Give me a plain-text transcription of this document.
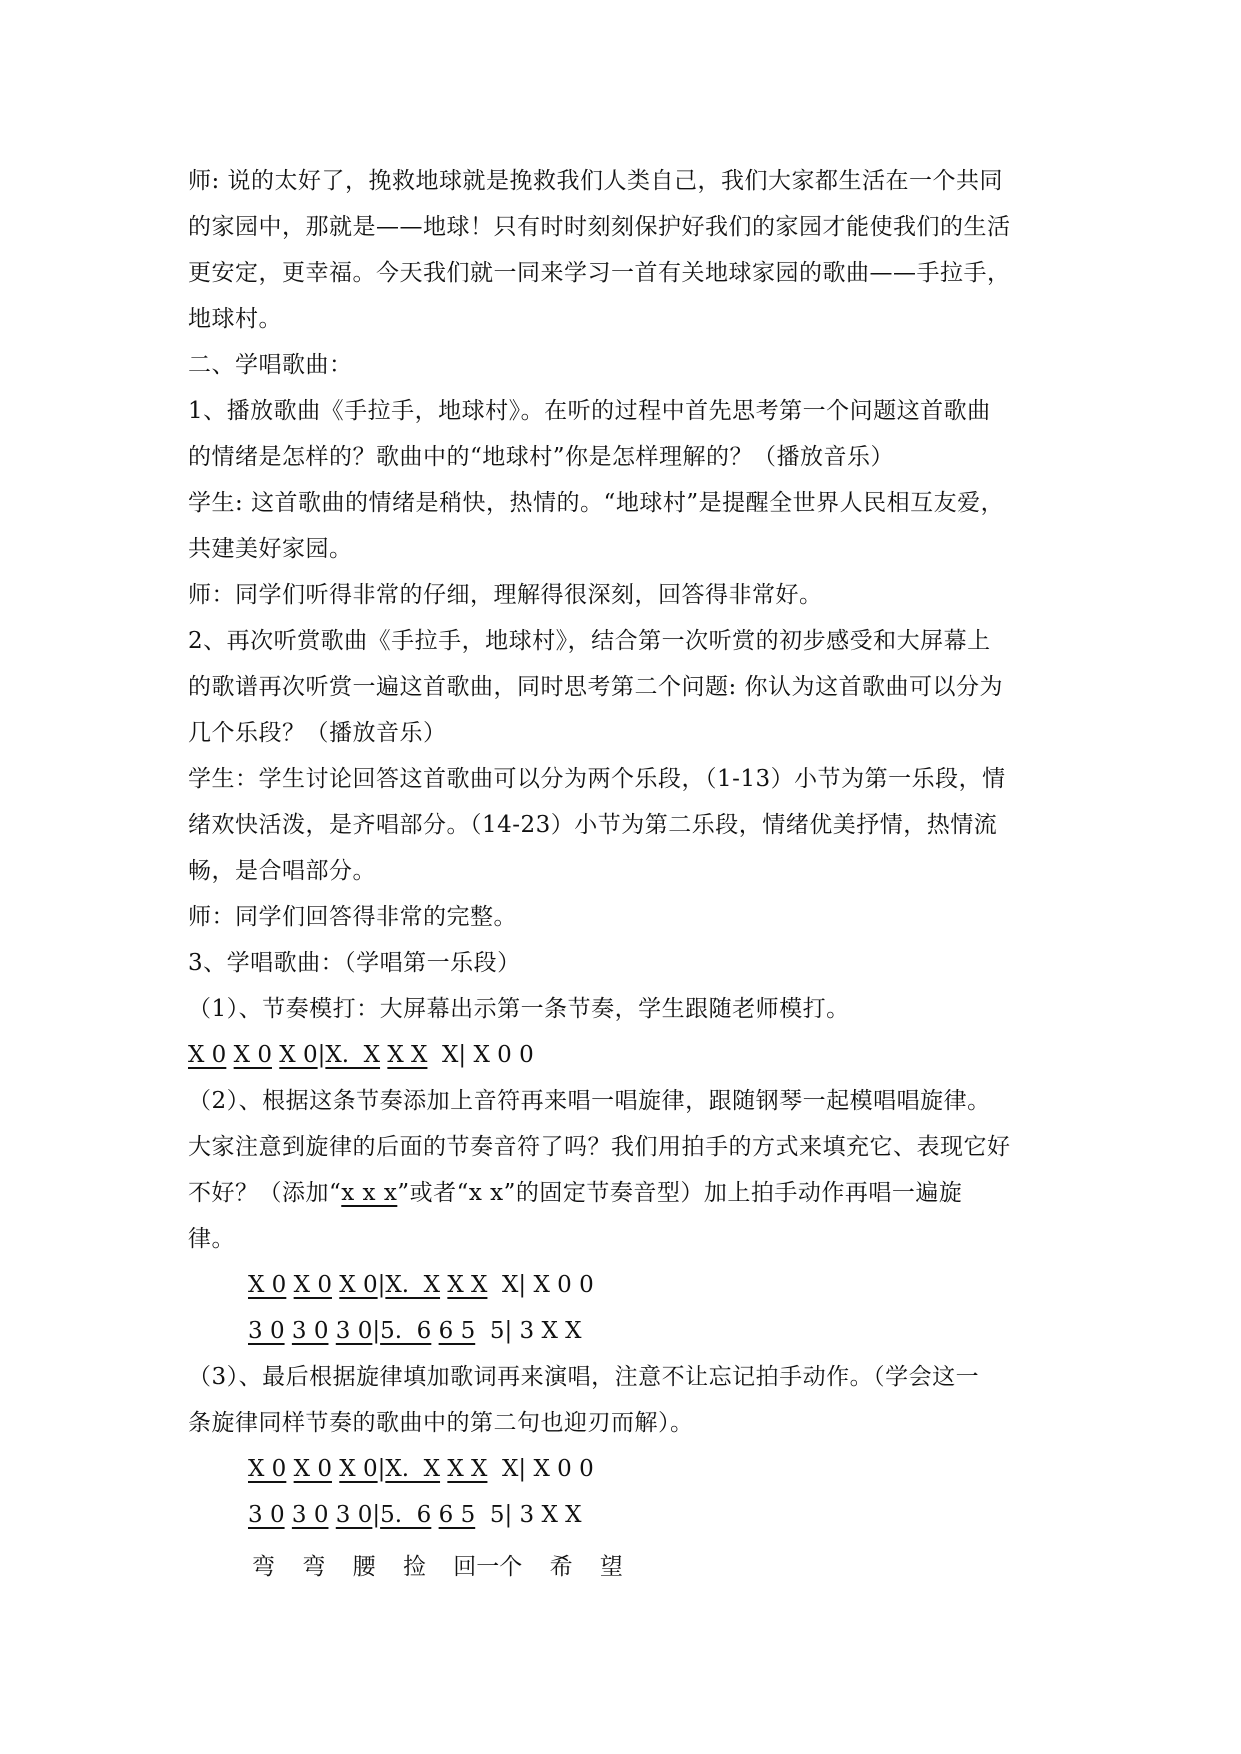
师: 说的太好了，挽救地球就是挽救我们人类自己，我们大家都生活在一个共同
的家园中，那就是——地球！只有时时刻刻保护好我们的家园才能使我们的生活
更安定，更幸福。今天我们就一同来学习一首有关地球家园的歌曲——手拉手，
地球村。
二、学唱歌曲：
1、播放歌曲《手拉手，地球村》。在听的过程中首先思考第一个问题这首歌曲
的情绪是怎样的？歌曲中的“地球村”你是怎样理解的？（播放音乐）
学生: 这首歌曲的情绪是稍快，热情的。“地球村”是提醒全世界人民相互友爱，
共建美好家园。
师：同学们听得非常的仔细，理解得很深刻，回答得非常好。
2、再次听赏歌曲《手拉手，地球村》，结合第一次听赏的初步感受和大屏幕上
的歌谱再次听赏一遍这首歌曲，同时思考第二个问题: 你认为这首歌曲可以分为
几个乐段？（播放音乐）
学生：学生讨论回答这首歌曲可以分为两个乐段，（1-13）小节为第一乐段，情
绪欢快活泼，是齐唱部分。（14-23）小节为第二乐段，情绪优美抒情，热情流
畅，是合唱部分。
师：同学们回答得非常的完整。
3、学唱歌曲：（学唱第一乐段）
（1）、节奏模打：大屏幕出示第一条节奏，学生跟随老师模打。
X 0 X 0 X 0|X.  X X X  X| X 0 0
（2）、根据这条节奏添加上音符再来唱一唱旋律，跟随钢琴一起模唱唱旋律。
大家注意到旋律的后面的节奏音符了吗？我们用拍手的方式来填充它、表现它好
不好？（添加“x x x”或者“x x”的固定节奏音型）加上拍手动作再唱一遍旋
律。
X 0 X 0 X 0|X.  X X X  X| X 0 0
3 0 3 0 3 0|5.  6 6 5  5| 3 X X
（3）、最后根据旋律填加歌词再来演唱，注意不让忘记拍手动作。（学会这一
条旋律同样节奏的歌曲中的第二句也迎刃而解）。
X 0 X 0 X 0|X.  X X X  X| X 0 0
3 0 3 0 3 0|5.  6 6 5  5| 3 X X
弯 弯 腰 捡 回一个 希 望
